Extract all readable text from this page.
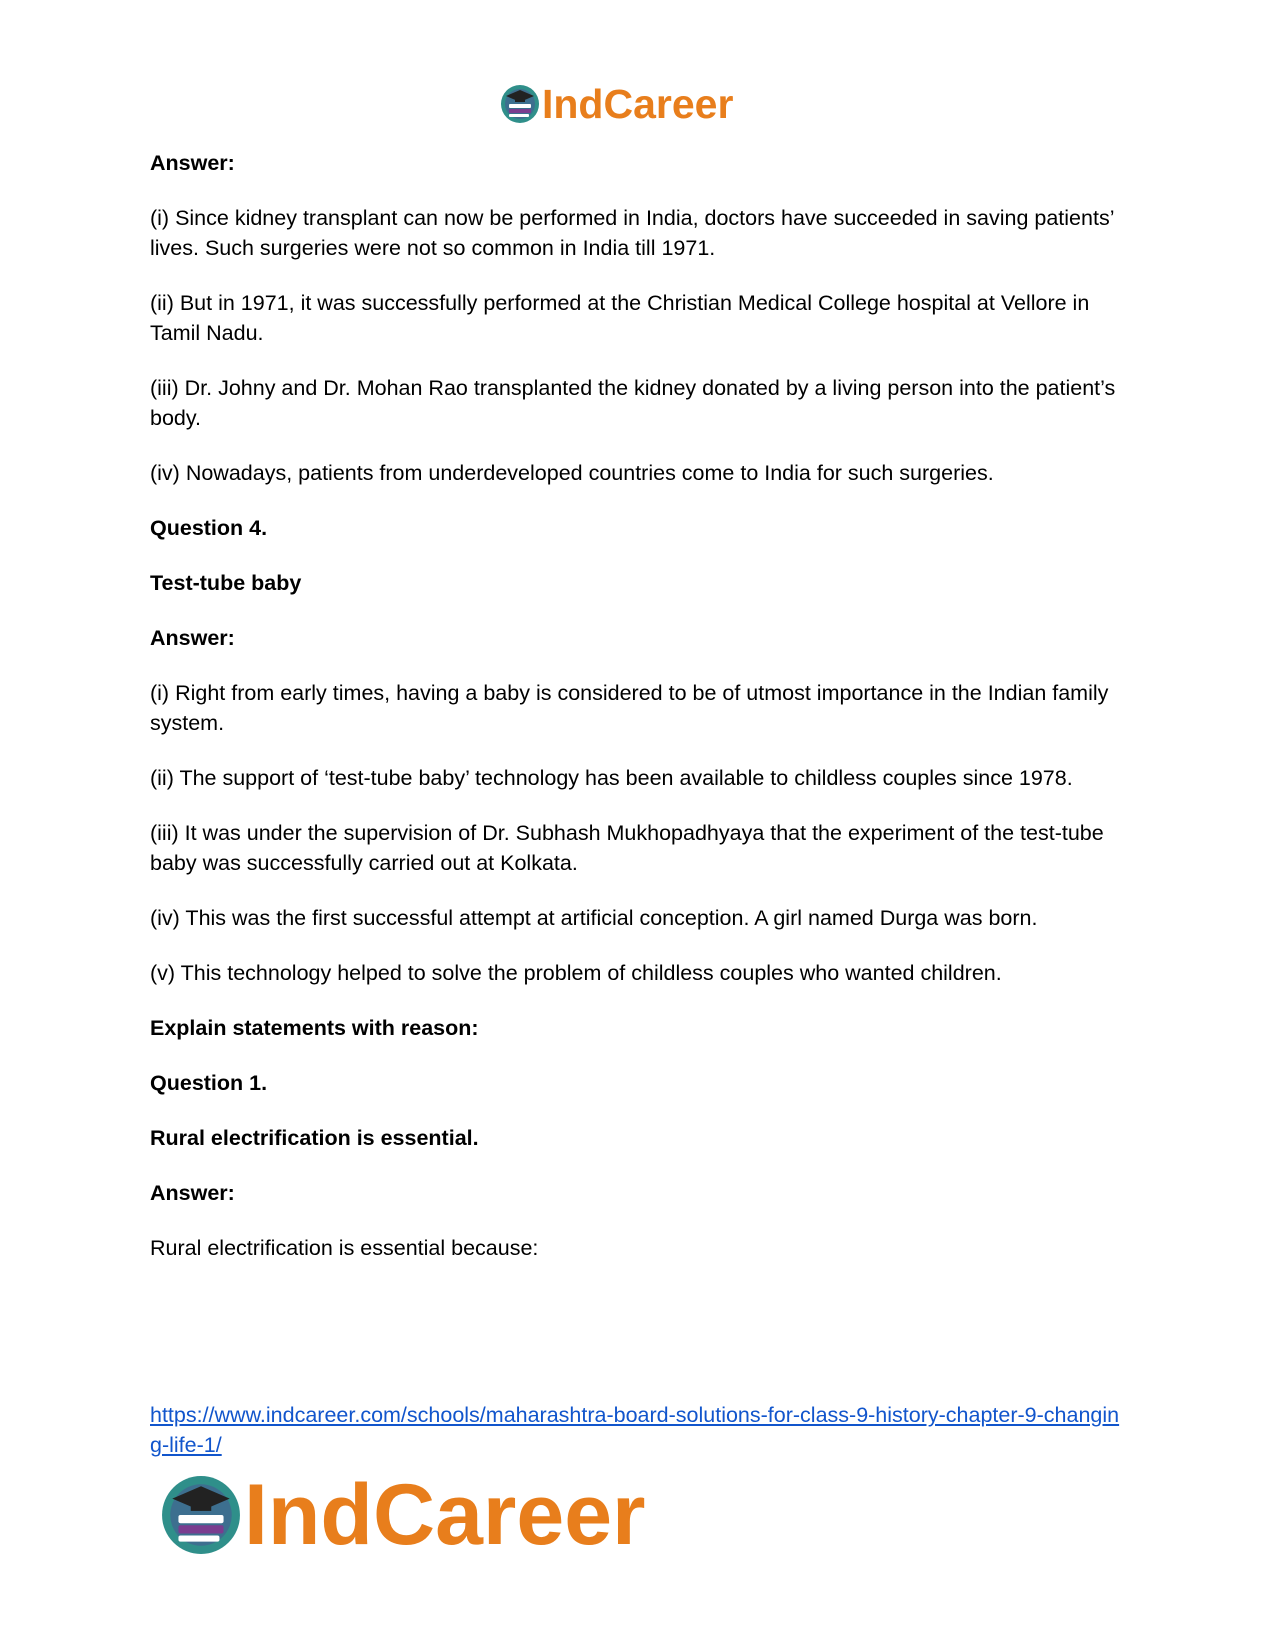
IndCareer

Answer:

(i) Since kidney transplant can now be performed in India, doctors have succeeded in saving patients’ lives. Such surgeries were not so common in India till 1971.

(ii) But in 1971, it was successfully performed at the Christian Medical College hospital at Vellore in Tamil Nadu.

(iii) Dr. Johny and Dr. Mohan Rao transplanted the kidney donated by a living person into the patient’s body.

(iv) Nowadays, patients from underdeveloped countries come to India for such surgeries.

Question 4.

Test-tube baby

Answer:

(i) Right from early times, having a baby is considered to be of utmost importance in the Indian family system.

(ii) The support of ‘test-tube baby’ technology has been available to childless couples since 1978.

(iii) It was under the supervision of Dr. Subhash Mukhopadhyaya that the experiment of the test-tube baby was successfully carried out at Kolkata.

(iv) This was the first successful attempt at artificial conception. A girl named Durga was born.

(v) This technology helped to solve the problem of childless couples who wanted children.

Explain statements with reason:

Question 1.

Rural electrification is essential.

Answer:

Rural electrification is essential because:

https://www.indcareer.com/schools/maharashtra-board-solutions-for-class-9-history-chapter-9-changing-life-1/
IndCareer
